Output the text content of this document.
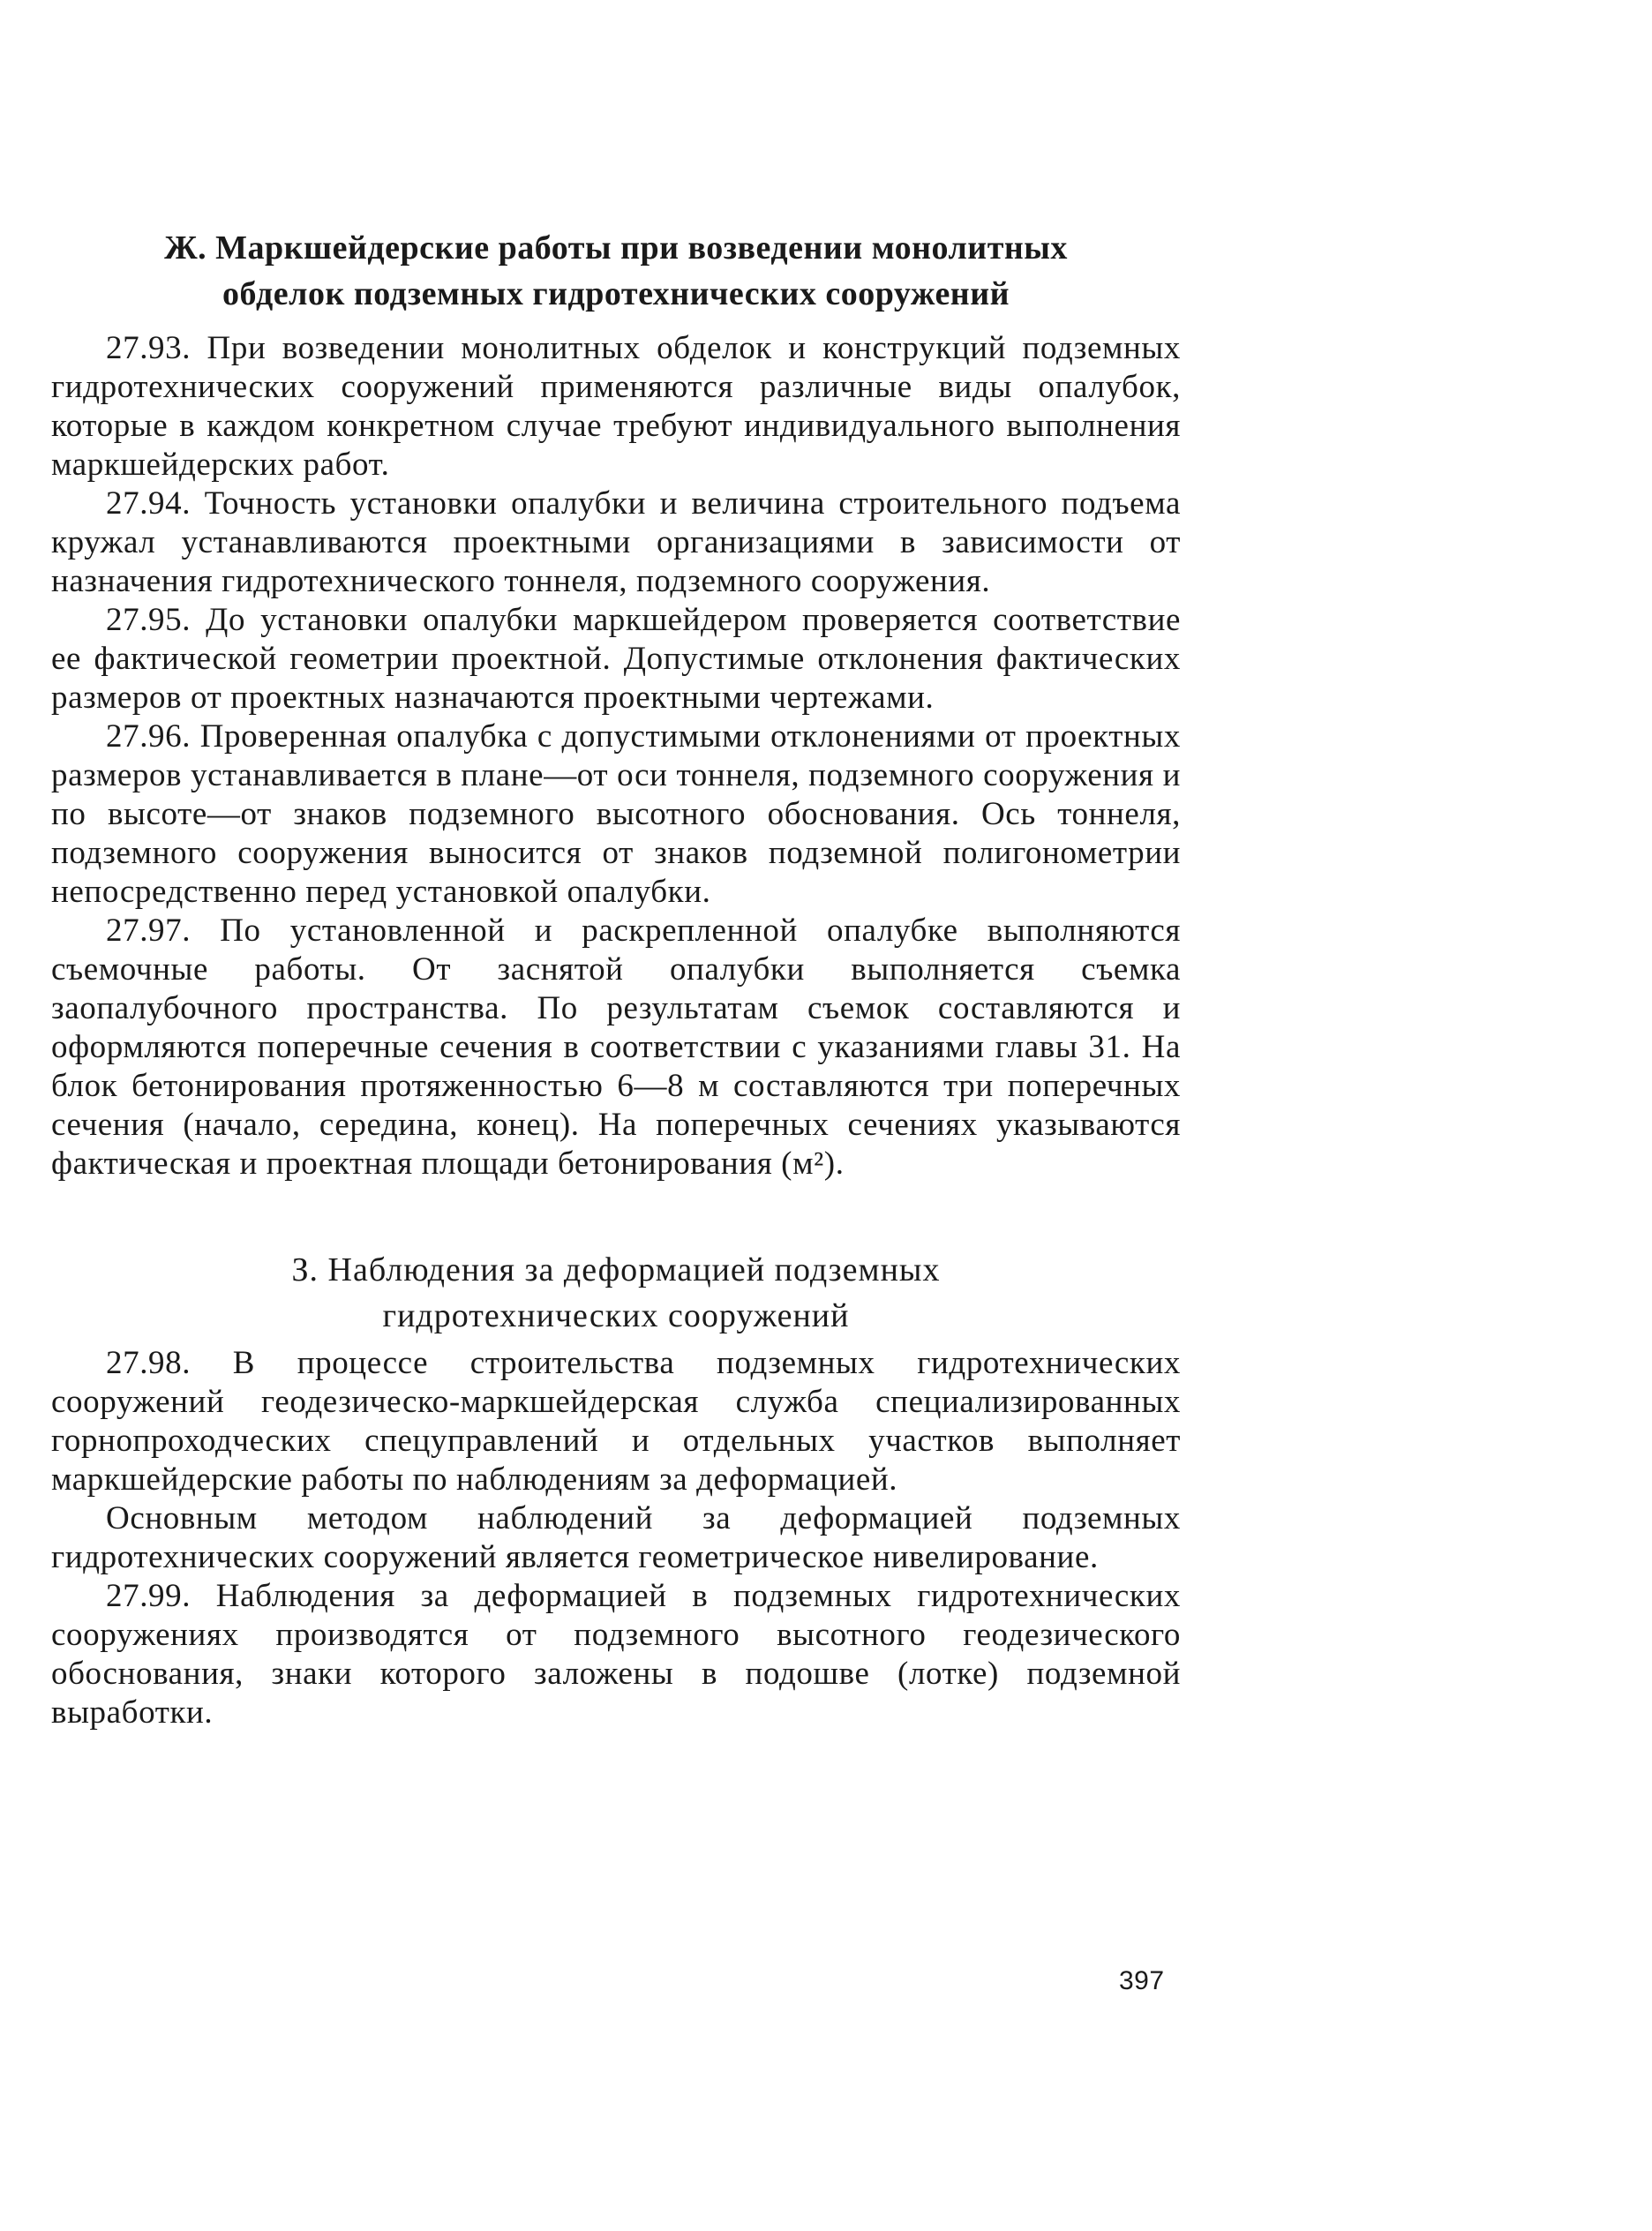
Ж. Маркшейдерские работы при возведении монолитных
обделок подземных гидротехнических сооружений

27.93. При возведении монолитных обделок и конструкций подземных гидротехнических сооружений применяются различные виды опалубок, которые в каждом конкретном случае требуют индивидуального выполнения маркшейдерских работ.

27.94. Точность установки опалубки и величина строительного подъема кружал устанавливаются проектными организациями в зависимости от назначения гидротехнического тоннеля, подземного сооружения.

27.95. До установки опалубки маркшейдером проверяется соответствие ее фактической геометрии проектной. Допустимые отклонения фактических размеров от проектных назначаются проектными чертежами.

27.96. Проверенная опалубка с допустимыми отклонениями от проектных размеров устанавливается в плане—от оси тоннеля, подземного сооружения и по высоте—от знаков подземного высотного обоснования. Ось тоннеля, подземного сооружения выносится от знаков подземной полигонометрии непосредственно перед установкой опалубки.

27.97. По установленной и раскрепленной опалубке выполняются съемочные работы. От заснятой опалубки выполняется съемка заопалубочного пространства. По результатам съемок составляются и оформляются поперечные сечения в соответствии с указаниями главы 31. На блок бетонирования протяженностью 6—8 м составляются три поперечных сечения (начало, середина, конец). На поперечных сечениях указываются фактическая и проектная площади бетонирования (м²).

З. Наблюдения за деформацией подземных
гидротехнических сооружений

27.98. В процессе строительства подземных гидротехнических сооружений геодезическо-маркшейдерская служба специализированных горнопроходческих спецуправлений и отдельных участков выполняет маркшейдерские работы по наблюдениям за деформацией.

Основным методом наблюдений за деформацией подземных гидротехнических сооружений является геометрическое нивелирование.

27.99. Наблюдения за деформацией в подземных гидротехнических сооружениях производятся от подземного высотного геодезического обоснования, знаки которого заложены в подошве (лотке) подземной выработки.

397
